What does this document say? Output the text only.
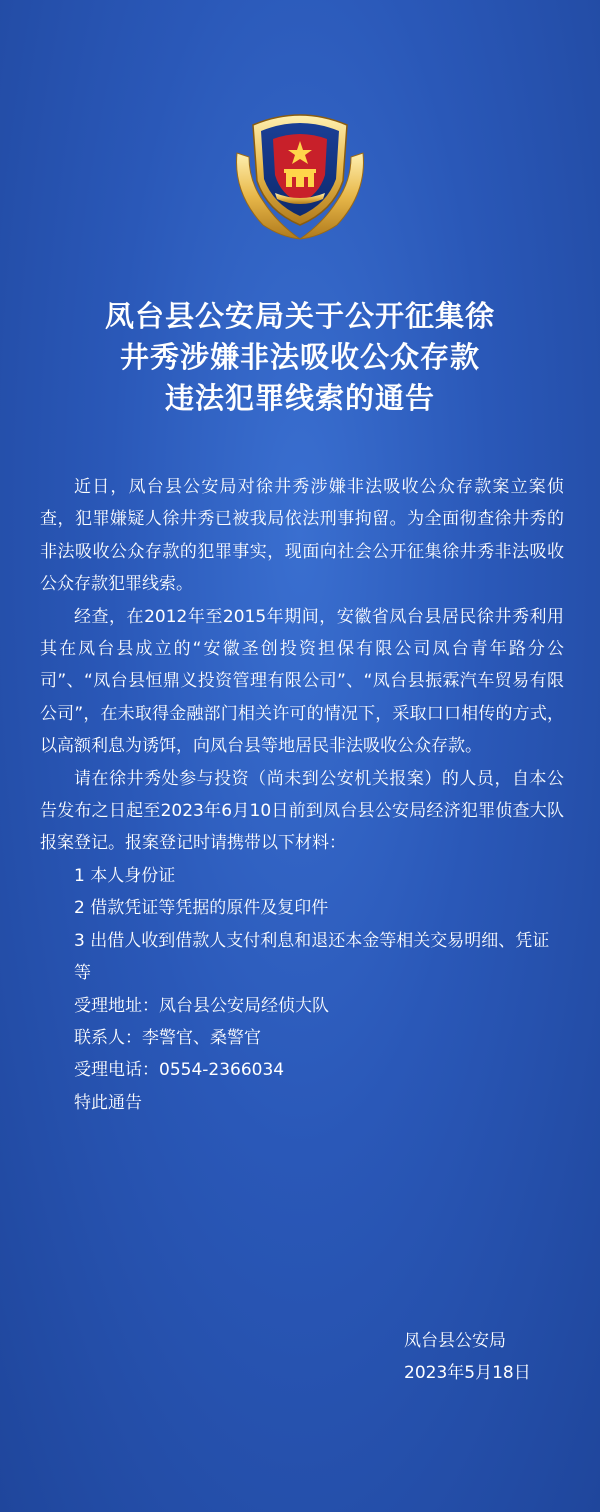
凤台县公安局关于公开征集徐
井秀涉嫌非法吸收公众存款
违法犯罪线索的通告

近日，凤台县公安局对徐井秀涉嫌非法吸收公众存款案立案侦查，犯罪嫌疑人徐井秀已被我局依法刑事拘留。为全面彻查徐井秀的非法吸收公众存款的犯罪事实，现面向社会公开征集徐井秀非法吸收公众存款犯罪线索。

经查，在2012年至2015年期间，安徽省凤台县居民徐井秀利用其在凤台县成立的“安徽圣创投资担保有限公司凤台青年路分公司”、“凤台县恒鼎义投资管理有限公司”、“凤台县振霖汽车贸易有限公司”，在未取得金融部门相关许可的情况下，采取口口相传的方式，以高额利息为诱饵，向凤台县等地居民非法吸收公众存款。

请在徐井秀处参与投资（尚未到公安机关报案）的人员，自本公告发布之日起至2023年6月10日前到凤台县公安局经济犯罪侦查大队报案登记。报案登记时请携带以下材料：

1 本人身份证

2 借款凭证等凭据的原件及复印件

3 出借人收到借款人支付利息和退还本金等相关交易明细、凭证等

受理地址：凤台县公安局经侦大队

联系人：李警官、桑警官

受理电话：0554-2366034

特此通告

凤台县公安局
2023年5月18日
